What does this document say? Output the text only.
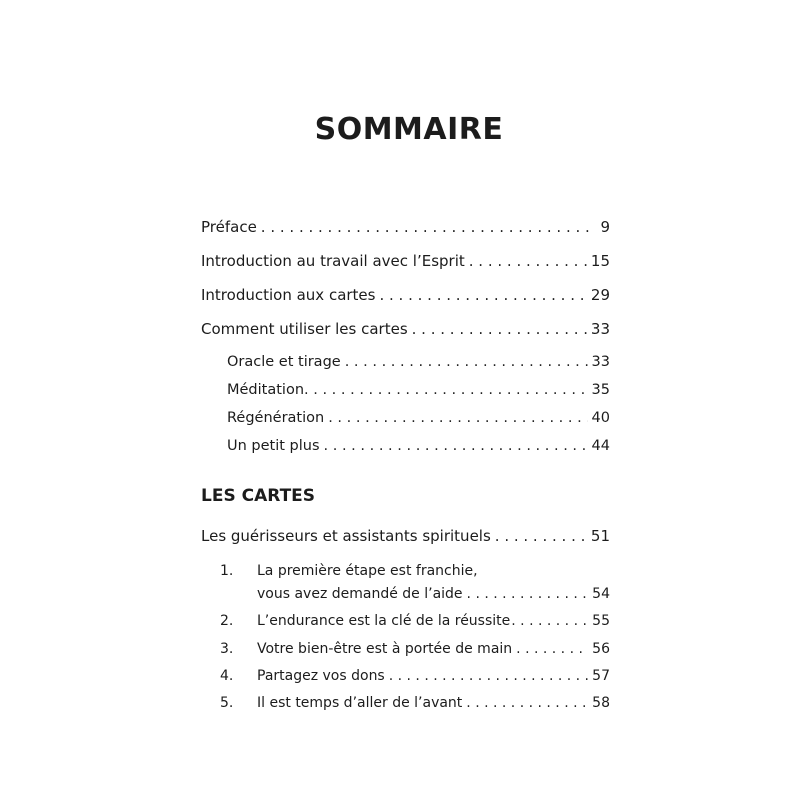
SOMMAIRE
Préface . . .	9
Introduction au travail avec l’Esprit . . .	15
Introduction aux cartes . . .	29
Comment utiliser les cartes . . .	33
Oracle et tirage . . .	33
Méditation . . .	35
Régénération . . .	40
Un petit plus . . .	44
LES CARTES
Les guérisseurs et assistants spirituels . . .	51
1.	La première étape est franchie,
vous avez demandé de l’aide . . .	54
2.	L’endurance est la clé de la réussite . . .	55
3.	Votre bien-être est à portée de main . . .	56
4.	Partagez vos dons . . .	57
5.	Il est temps d’aller de l’avant . . .	58
